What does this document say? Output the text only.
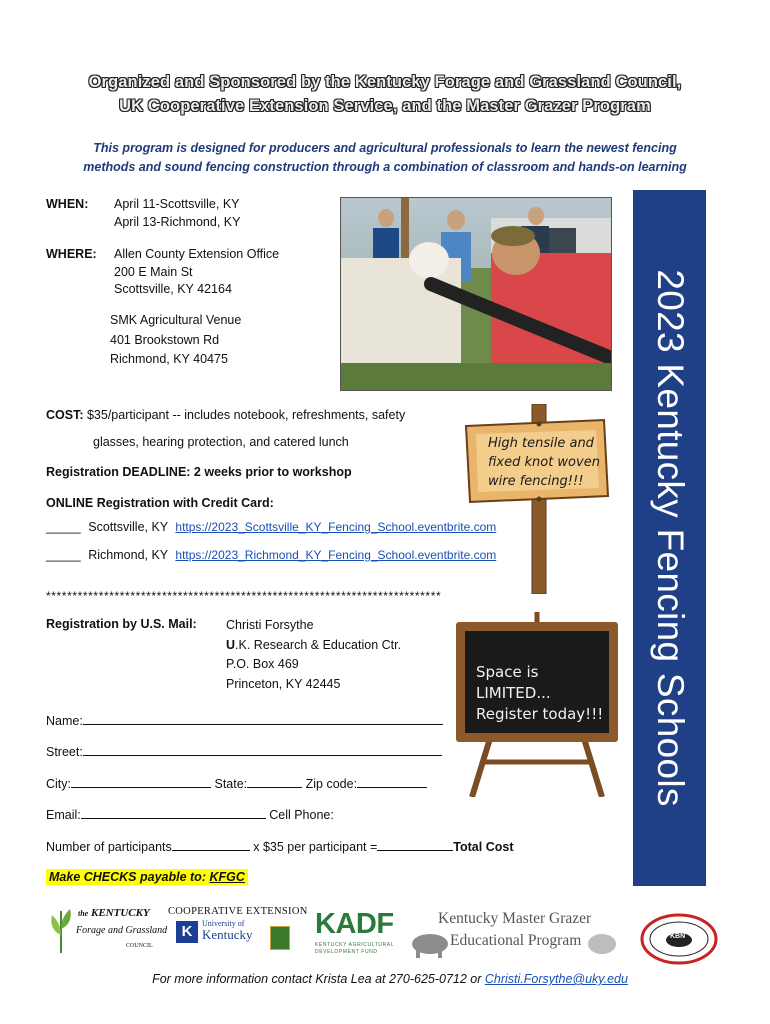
Organized and Sponsored by the Kentucky Forage and Grassland Council,
UK Cooperative Extension Service, and the Master Grazer Program
This program is designed for producers and agricultural professionals to learn the newest fencing
methods and sound fencing construction through a combination of classroom and hands-on learning
WHEN: April 11-Scottsville, KY
April 13-Richmond, KY
WHERE: Allen County Extension Office
200 E Main St
Scottsville, KY 42164
SMK Agricultural Venue
401 Brookstown Rd
Richmond, KY 40475	2023 Kentucky Fencing Schools
COST: $35/participant -- includes notebook, refreshments, safety
glasses, hearing protection, and catered lunch
Registration DEADLINE: 2 weeks prior to workshop
High tensile and
fixed knot woven
wire fencing!!!
ONLINE Registration with Credit Card:
_____ Scottsville, KY https://2023_Scottsville_KY_Fencing_School.eventbrite.com
_____ Richmond, KY https://2023_Richmond_KY_Fencing_School.eventbrite.com
***************************************************************************
Registration by U.S. Mail: Christi Forsythe
U.K. Research & Education Ctr.
P.O. Box 469
Princeton, KY 42445
Space is
LIMITED...
Register today!!!
Name:
Street:
City:	State:	Zip code:
Email:	Cell Phone:
Number of participants	x $35 per participant =	Total Cost
Make CHECKS payable to: KFGC
the KENTUCKY
Forage and Grassland
COUNCIL
COOPERATIVE EXTENSION
K	University of
Kentucky KADF
KENTUCKY AGRICULTURAL
DEVELOPMENT FUND
Kentucky Master Grazer
Educational Program	KBN
For more information contact Krista Lea at 270-625-0712 or Christi.Forsythe@uky.edu
